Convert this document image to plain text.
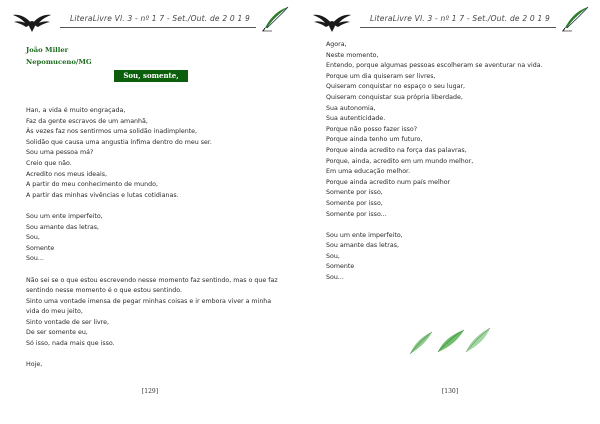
LiteraLivre Vl. 3 - nº 1 7 - Set./Out. de 2 0 1 9
João Miller
Nepomuceno/MG
Sou, somente, sou...
Han, a vida é muito engraçada,
Faz da gente escravos de um amanhã,
Às vezes faz nos sentirmos uma solidão inadimplente,
Solidão que causa uma angustia ínfima dentro do meu ser.
Sou uma pessoa má?
Creio que não.
Acredito nos meus ideais,
A partir do meu conhecimento de mundo,
A partir das minhas vivências e lutas cotidianas.
Sou um ente imperfeito,
Sou amante das letras,
Sou,
Somente
Sou...
Não sei se o que estou escrevendo nesse momento faz sentindo, mas o que faz
sentindo nesse momento é o que estou sentindo.
Sinto uma vontade imensa de pegar minhas coisas e ir embora viver a minha
vida do meu jeito,
Sinto vontade de ser livre,
De ser somente eu,
Só isso, nada mais que isso.
Hoje,
[129]
LiteraLivre Vl. 3 - nº 1 7 - Set./Out. de 2 0 1 9
Agora,
Neste momento,
Entendo, porque algumas pessoas escolheram se aventurar na vida.
Porque um dia quiseram ser livres,
Quiseram conquistar no espaço o seu lugar,
Quiseram conquistar sua própria liberdade,
Sua autonomia,
Sua autenticidade.
Porque não posso fazer isso?
Porque ainda tenho um futuro,
Porque ainda acredito na força das palavras,
Porque, ainda, acredito em um mundo melhor,
Em uma educação melhor.
Porque ainda acredito num país melhor
Somente por isso,
Somente por isso,
Somente por isso...
Sou um ente imperfeito,
Sou amante das letras,
Sou,
Somente
Sou...
[130]
